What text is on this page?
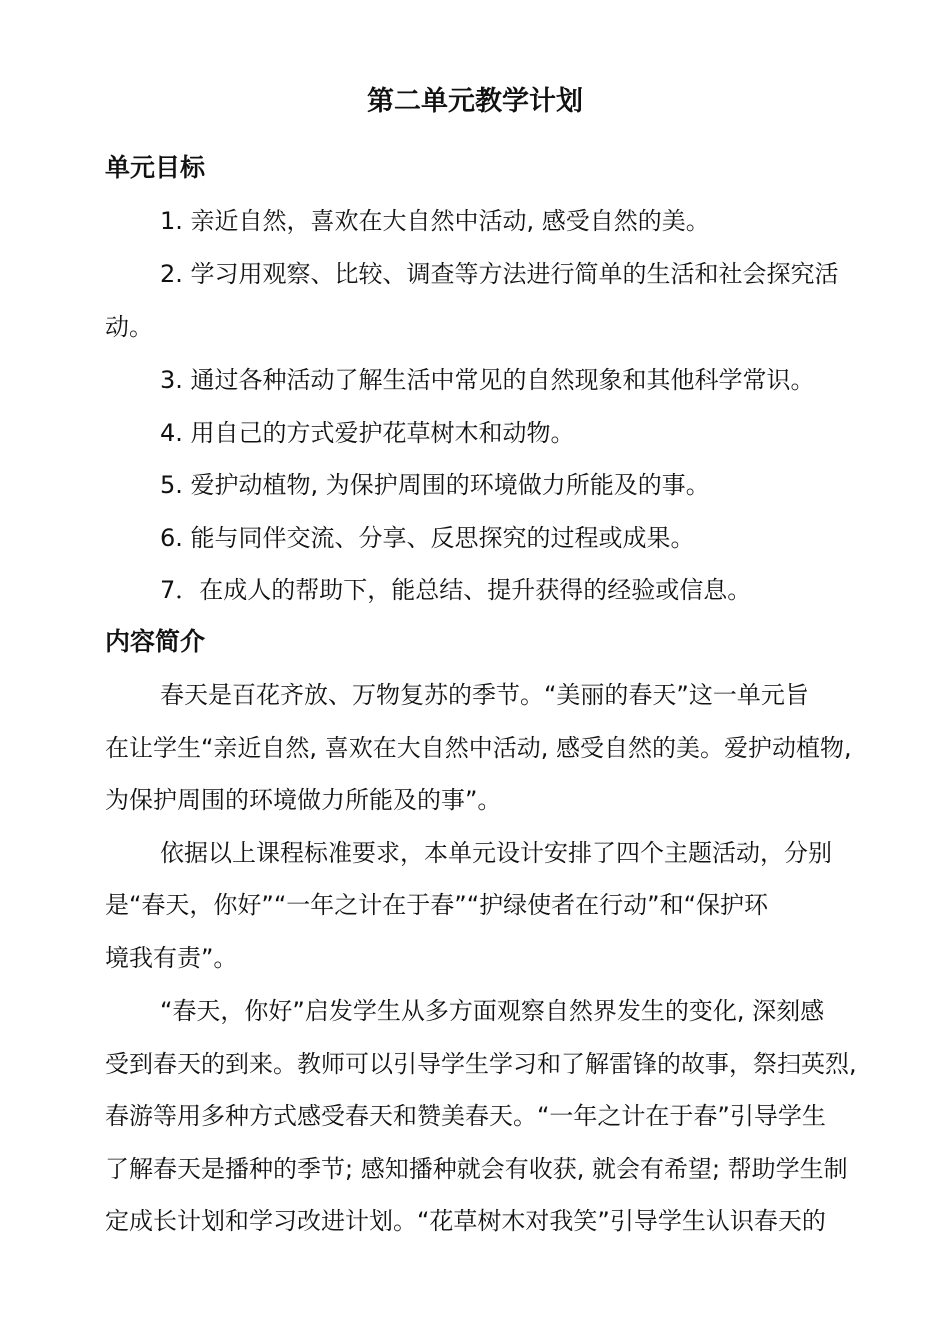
第二单元教学计划
单元目标
1. 亲近自然，喜欢在大自然中活动, 感受自然的美。
2. 学习用观察、比较、调查等方法进行简单的生活和社会探究活
动。
3. 通过各种活动了解生活中常见的自然现象和其他科学常识。
4. 用自己的方式爱护花草树木和动物。
5. 爱护动植物, 为保护周围的环境做力所能及的事。
6. 能与同伴交流、分享、反思探究的过程或成果。
7．在成人的帮助下，能总结、提升获得的经验或信息。
内容简介
春天是百花齐放、万物复苏的季节。“美丽的春天”这一单元旨
在让学生“亲近自然, 喜欢在大自然中活动, 感受自然的美。爱护动植物,
为保护周围的环境做力所能及的事”。
依据以上课程标准要求，本单元设计安排了四个主题活动，分别
是“春天，你好”“一年之计在于春”“护绿使者在行动”和“保护环
境我有责”。
“春天，你好”启发学生从多方面观察自然界发生的变化, 深刻感
受到春天的到来。教师可以引导学生学习和了解雷锋的故事，祭扫英烈,
春游等用多种方式感受春天和赞美春天。“一年之计在于春”引导学生
了解春天是播种的季节; 感知播种就会有收获, 就会有希望; 帮助学生制
定成长计划和学习改进计划。“花草树木对我笑”引导学生认识春天的
